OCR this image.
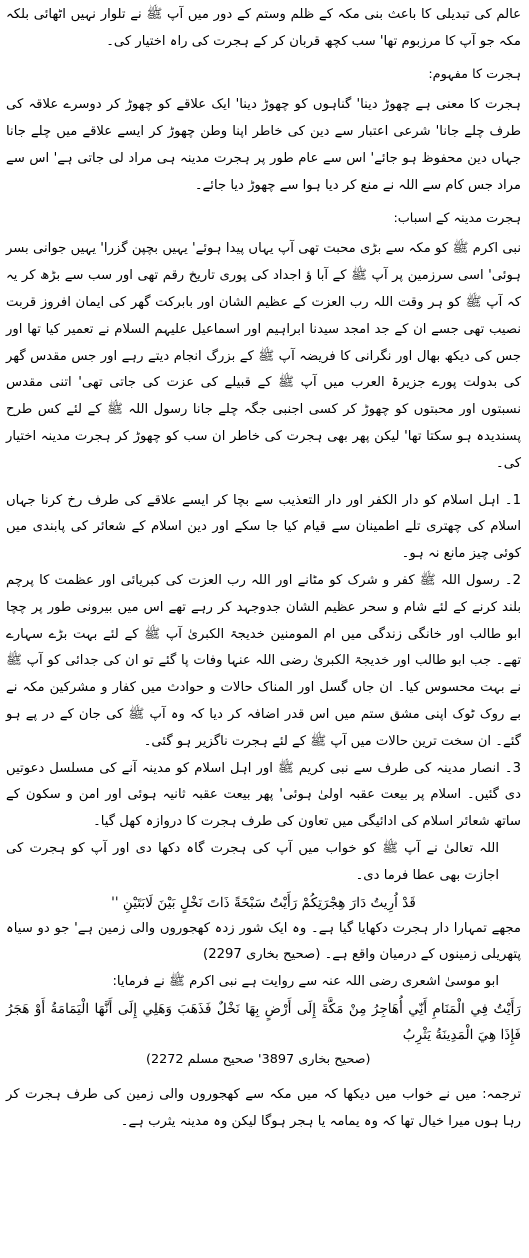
عالم کی تبدیلی کا باعث بنی مکہ کے ظلم وستم کے دور میں آپ ﷺ نے تلوار نہیں اٹھائی بلکہ مکہ جو آپ کا مرزبوم تھا' سب کچھ قربان کر کے ہجرت کی راہ اختیار کی۔

ہجرت کا مفہوم:

ہجرت کا معنی ہے چھوڑ دینا' گناہوں کو چھوڑ دینا' ایک علاقے کو چھوڑ کر دوسرے علاقہ کی طرف چلے جانا' شرعی اعتبار سے دین کی خاطر اپنا وطن چھوڑ کر ایسے علاقے میں چلے جانا جہاں دین محفوظ ہو جائے' اس سے عام طور پر ہجرت مدینہ ہی مراد لی جاتی ہے' اس سے مراد جس کام سے اللہ نے منع کر دیا ہوا سے چھوڑ دیا جائے۔

ہجرت مدینہ کے اسباب:

نبی اکرم ﷺ کو مکہ سے بڑی محبت تھی آپ یہاں پیدا ہوئے' یہیں بچپن گزرا' یہیں جوانی بسر ہوئی' اسی سرزمین پر آپ ﷺ کے آبا ؤ اجداد کی پوری تاریخ رقم تھی اور سب سے بڑھ کر یہ کہ آپ ﷺ کو ہر وقت اللہ رب العزت کے عظیم الشان اور بابرکت گھر کی ایمان افروز قربت نصیب تھی جسے ان کے جد امجد سیدنا ابراہیم اور اسماعیل علیہم السلام نے تعمیر کیا تھا اور جس کی دیکھ بھال اور نگرانی کا فریضہ آپ ﷺ کے بزرگ انجام دیتے رہے اور جس مقدس گھر کی بدولت پورے جزیرۃ العرب میں آپ ﷺ کے قبیلے کی عزت کی جاتی تھی' اتنی مقدس نسبتوں اور محبتوں کو چھوڑ کر کسی اجنبی جگہ چلے جانا رسول اللہ ﷺ کے لئے کس طرح پسندیدہ ہو سکتا تھا' لیکن پھر بھی ہجرت کی خاطر ان سب کو چھوڑ کر ہجرت مدینہ اختیار کی۔

1۔ اہل اسلام کو دار الکفر اور دار التعذیب سے بچا کر ایسے علاقے کی طرف رخ کرنا جہاں اسلام کی چھتری تلے اطمینان سے قیام کیا جا سکے اور دین اسلام کے شعائر کی پابندی میں کوئی چیز مانع نہ ہو۔

2۔ رسول اللہ ﷺ کفر و شرک کو مٹانے اور اللہ رب العزت کی کبریائی اور عظمت کا پرچم بلند کرنے کے لئے شام و سحر عظیم الشان جدوجہد کر رہے تھے اس میں بیرونی طور پر چچا ابو طالب اور خانگی زندگی میں ام المومنین خدیجۃ الکبریٰ آپ ﷺ کے لئے بہت بڑے سہارے تھے۔ جب ابو طالب اور خدیجۃ الکبریٰ رضی اللہ عنہا وفات پا گئے تو ان کی جدائی کو آپ ﷺ نے بہت محسوس کیا۔ ان جاں گسل اور المناک حالات و حوادث میں کفار و مشرکین مکہ نے بے روک ٹوک اپنی مشق ستم میں اس قدر اضافہ کر دیا کہ وہ آپ ﷺ کی جان کے در پے ہو گئے۔ ان سخت ترین حالات میں آپ ﷺ کے لئے ہجرت ناگزیر ہو گئی۔

3۔ انصار مدینہ کی طرف سے نبی کریم ﷺ اور اہل اسلام کو مدینہ آنے کی مسلسل دعوتیں دی گئیں۔ اسلام پر بیعت عقبہ اولیٰ ہوئی' پھر بیعت عقبہ ثانیہ ہوئی اور امن و سکون کے ساتھ شعائر اسلام کی ادائیگی میں تعاون کی طرف ہجرت کا دروازہ کھل گیا۔

اللہ تعالیٰ نے آپ ﷺ کو خواب میں آپ کی ہجرت گاہ دکھا دی اور آپ کو ہجرت کی اجازت بھی عطا فرما دی۔

قَدْ اُرِيتُ دَارَ هِجْرَتِكُمْ رَأَيْتُ سَبْخَةً ذَاتَ نَخْلٍ بَيْنَ لَابَتَيْنِ ''

مجھے تمہارا دار ہجرت دکھایا گیا ہے۔ وہ ایک شور زدہ کھجوروں والی زمین ہے' جو دو سیاہ پتھریلی زمینوں کے درمیان واقع ہے۔ (صحیح بخاری 2297)

ابو موسیٰ اشعری رضی اللہ عنہ سے روایت ہے نبی اکرم ﷺ نے فرمایا:

رَأَيْتُ فِي الْمَنَامِ أَنِّي أُهَاجِرُ مِنْ مَكَّةَ إِلَى أَرْضٍ بِهَا نَخْلٌ فَذَهَبَ وَهَلِي إِلَى أَنَّهَا الْيَمَامَةُ أَوْ هَجَرُ فَإِذَا هِيَ الْمَدِينَةُ يَثْرِبُ

(صحیح بخاری 3897' صحیح مسلم 2272)

ترجمہ: میں نے خواب میں دیکھا کہ میں مکہ سے کھجوروں والی زمین کی طرف ہجرت کر رہا ہوں میرا خیال تھا کہ وہ یمامہ یا ہجر ہوگا لیکن وہ مدینہ یثرب ہے۔
